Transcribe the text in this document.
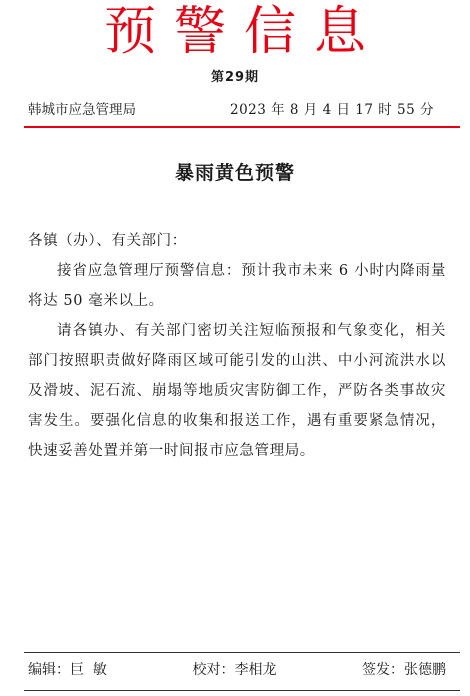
预警信息
第29期
韩城市应急管理局	2023 年 8 月 4 日 17 时 55 分
暴雨黄色预警

各镇（办）、有关部门：

接省应急管理厅预警信息：预计我市未来 6 小时内降雨量将达 50 毫米以上。

请各镇办、有关部门密切关注短临预报和气象变化，相关部门按照职责做好降雨区域可能引发的山洪、中小河流洪水以及滑坡、泥石流、崩塌等地质灾害防御工作，严防各类事故灾害发生。要强化信息的收集和报送工作，遇有重要紧急情况，快速妥善处置并第一时间报市应急管理局。

编辑：巨  敏	校对：李相龙	签发：张德鹏
